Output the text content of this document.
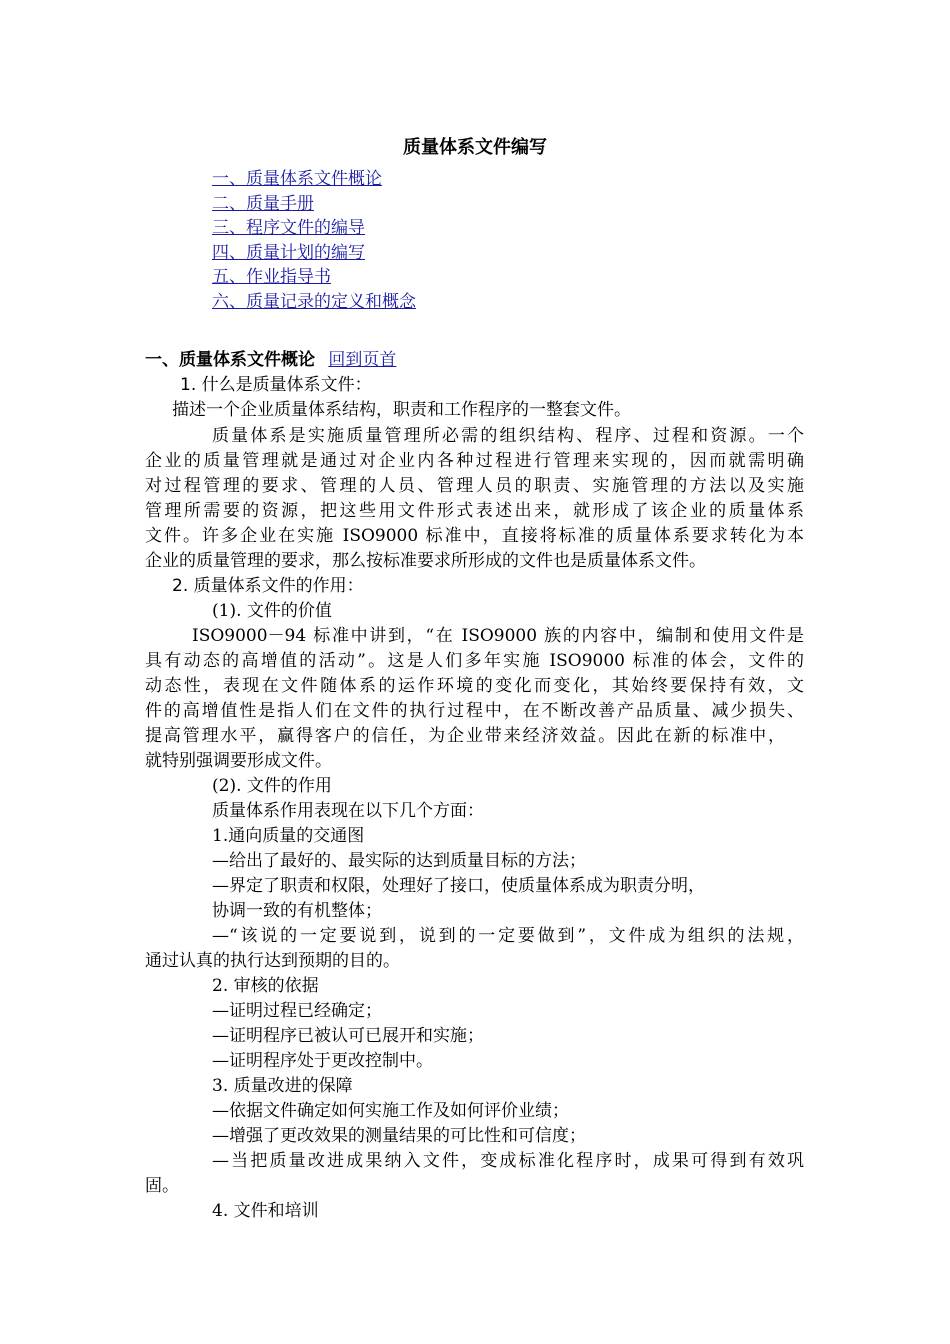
质量体系文件编写
一、质量体系文件概论
二、质量手册
三、程序文件的编导
四、质量计划的编写
五、作业指导书
六、质量记录的定义和概念
一、质量体系文件概论 回到页首
1. 什么是质量体系文件：
描述一个企业质量体系结构，职责和工作程序的一整套文件。
质量体系是实施质量管理所必需的组织结构、程序、过程和资源。一个
企业的质量管理就是通过对企业内各种过程进行管理来实现的，因而就需明确
对过程管理的要求、管理的人员、管理人员的职责、实施管理的方法以及实施
管理所需要的资源，把这些用文件形式表述出来，就形成了该企业的质量体系
文件。许多企业在实施 ISO9000 标准中，直接将标准的质量体系要求转化为本
企业的质量管理的要求，那么按标准要求所形成的文件也是质量体系文件。
2. 质量体系文件的作用：
(1). 文件的价值
ISO9000－94 标准中讲到，“在 ISO9000 族的内容中，编制和使用文件是
具有动态的高增值的活动”。这是人们多年实施 ISO9000 标准的体会，文件的
动态性，表现在文件随体系的运作环境的变化而变化，其始终要保持有效，文
件的高增值性是指人们在文件的执行过程中，在不断改善产品质量、减少损失、
提高管理水平，赢得客户的信任，为企业带来经济效益。因此在新的标准中，
就特别强调要形成文件。
(2). 文件的作用
质量体系作用表现在以下几个方面：
1.通向质量的交通图
—给出了最好的、最实际的达到质量目标的方法；
—界定了职责和权限，处理好了接口，使质量体系成为职责分明，
协调一致的有机整体；
—“该说的一定要说到，说到的一定要做到”，文件成为组织的法规，
通过认真的执行达到预期的目的。
2. 审核的依据
—证明过程已经确定；
—证明程序已被认可已展开和实施；
—证明程序处于更改控制中。
3. 质量改进的保障
—依据文件确定如何实施工作及如何评价业绩；
—增强了更改效果的测量结果的可比性和可信度；
—当把质量改进成果纳入文件，变成标准化程序时，成果可得到有效巩
固。
4. 文件和培训
